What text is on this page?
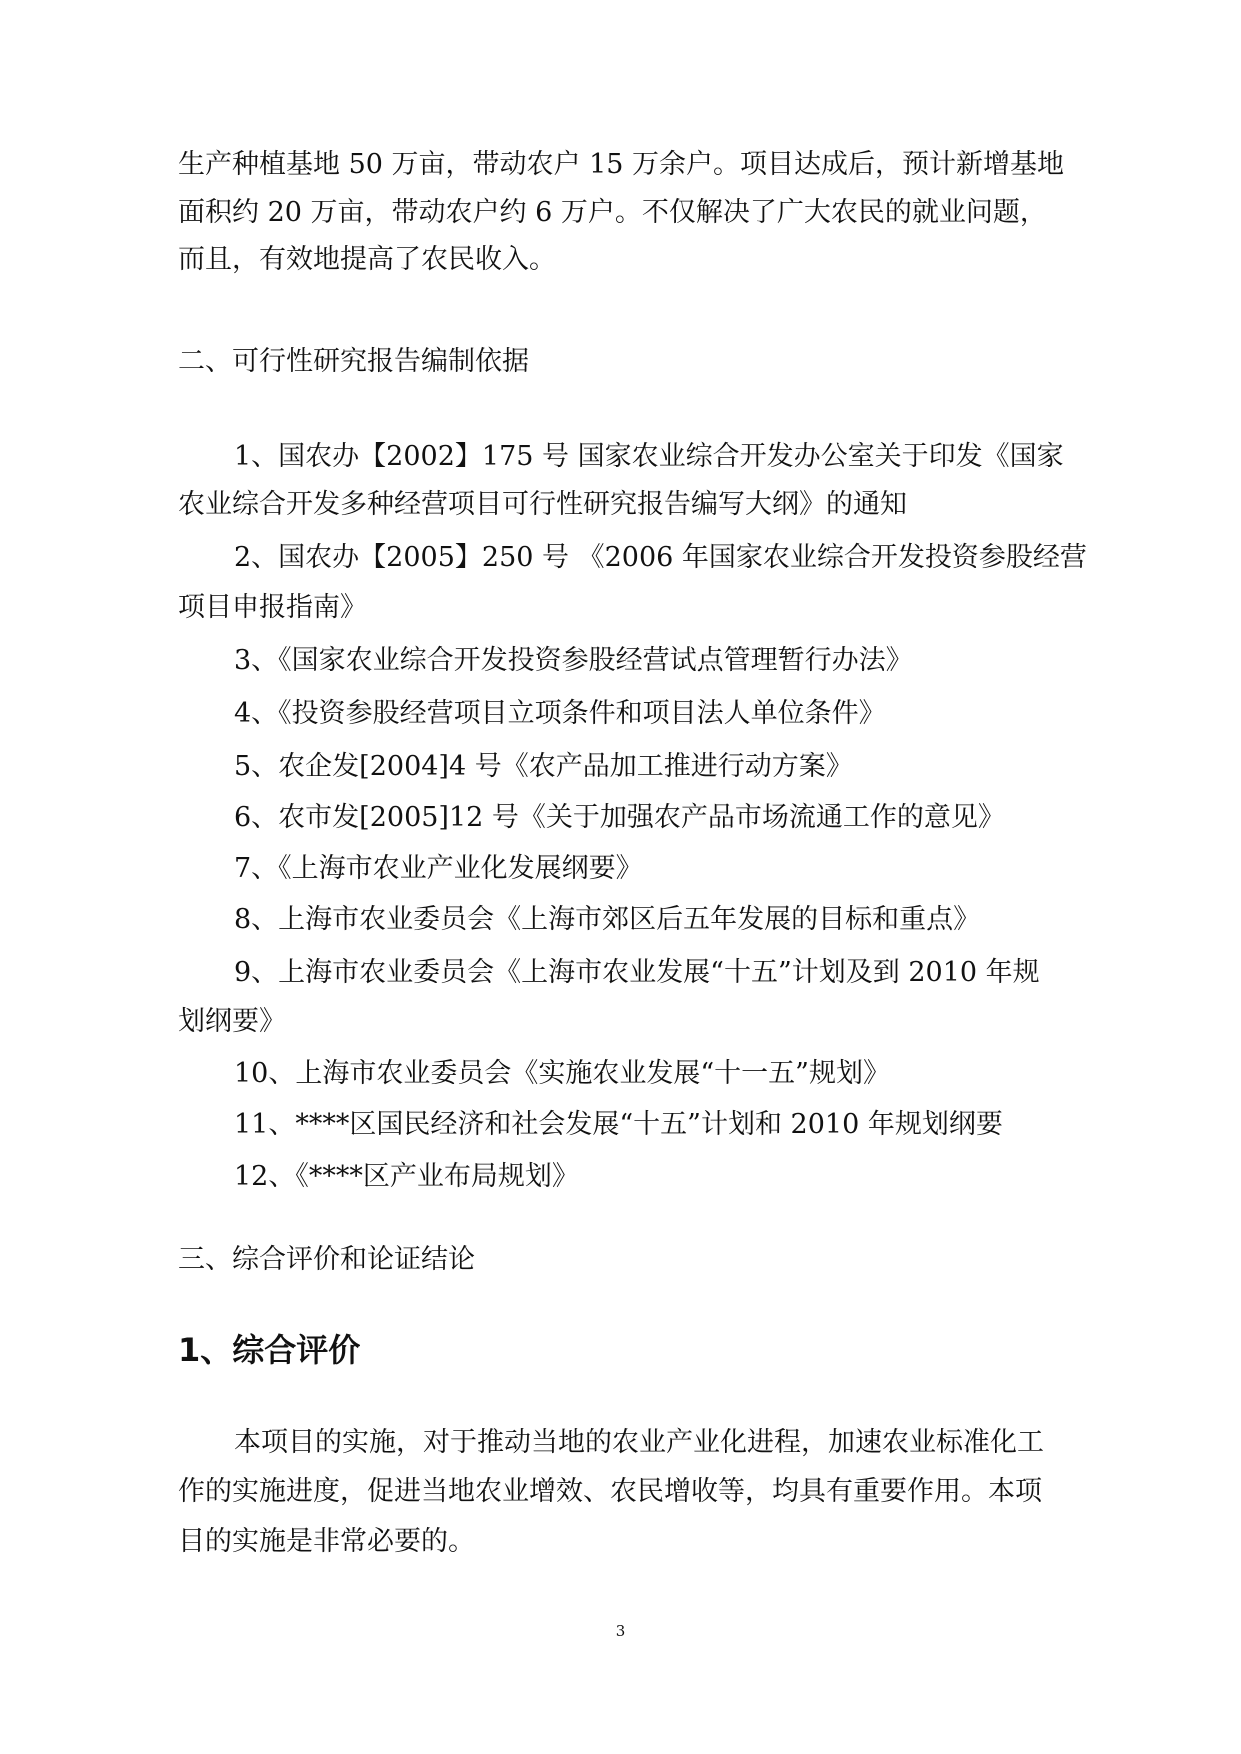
生产种植基地 50 万亩，带动农户 15 万余户。项目达成后，预计新增基地
面积约 20 万亩，带动农户约 6 万户。不仅解决了广大农民的就业问题，
而且，有效地提高了农民收入。
二、可行性研究报告编制依据
1、国农办【2002】175 号 国家农业综合开发办公室关于印发《国家
农业综合开发多种经营项目可行性研究报告编写大纲》的通知
2、国农办【2005】250 号 《2006 年国家农业综合开发投资参股经营
项目申报指南》
3、《国家农业综合开发投资参股经营试点管理暂行办法》
4、《投资参股经营项目立项条件和项目法人单位条件》
5、农企发[2004]4 号《农产品加工推进行动方案》
6、农市发[2005]12 号《关于加强农产品市场流通工作的意见》
7、《上海市农业产业化发展纲要》
8、上海市农业委员会《上海市郊区后五年发展的目标和重点》
9、上海市农业委员会《上海市农业发展“十五”计划及到 2010 年规
划纲要》
10、上海市农业委员会《实施农业发展“十一五”规划》
11、****区国民经济和社会发展“十五”计划和 2010 年规划纲要
12、《****区产业布局规划》
三、综合评价和论证结论
1、综合评价
本项目的实施，对于推动当地的农业产业化进程，加速农业标准化工
作的实施进度，促进当地农业增效、农民增收等，均具有重要作用。本项
目的实施是非常必要的。
3
